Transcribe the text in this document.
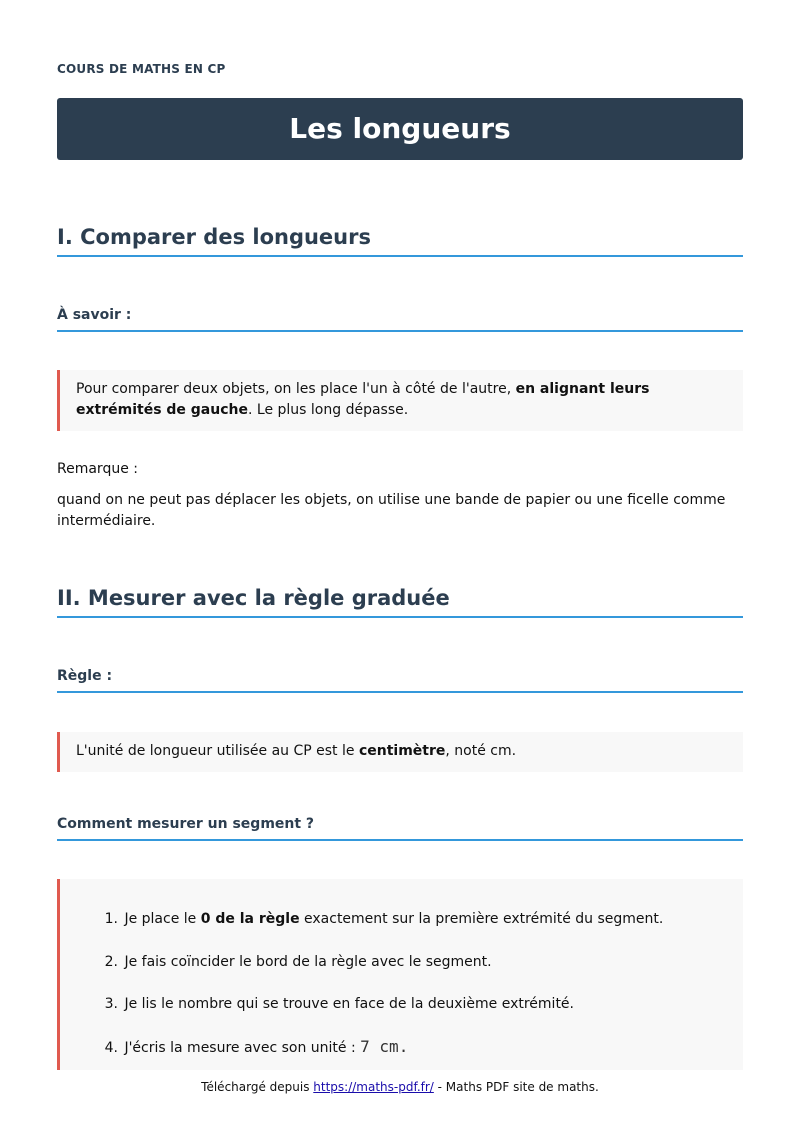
COURS DE MATHS EN CP
Les longueurs
I. Comparer des longueurs
À savoir :
Pour comparer deux objets, on les place l'un à côté de l'autre, en alignant leurs extrémités de gauche. Le plus long dépasse.
Remarque :
quand on ne peut pas déplacer les objets, on utilise une bande de papier ou une ficelle comme intermédiaire.
II. Mesurer avec la règle graduée
Règle :
L'unité de longueur utilisée au CP est le centimètre, noté cm.
Comment mesurer un segment ?
1. Je place le 0 de la règle exactement sur la première extrémité du segment.
2. Je fais coïncider le bord de la règle avec le segment.
3. Je lis le nombre qui se trouve en face de la deuxième extrémité.
4. J'écris la mesure avec son unité : 7 cm.
Téléchargé depuis https://maths-pdf.fr/ - Maths PDF site de maths.
